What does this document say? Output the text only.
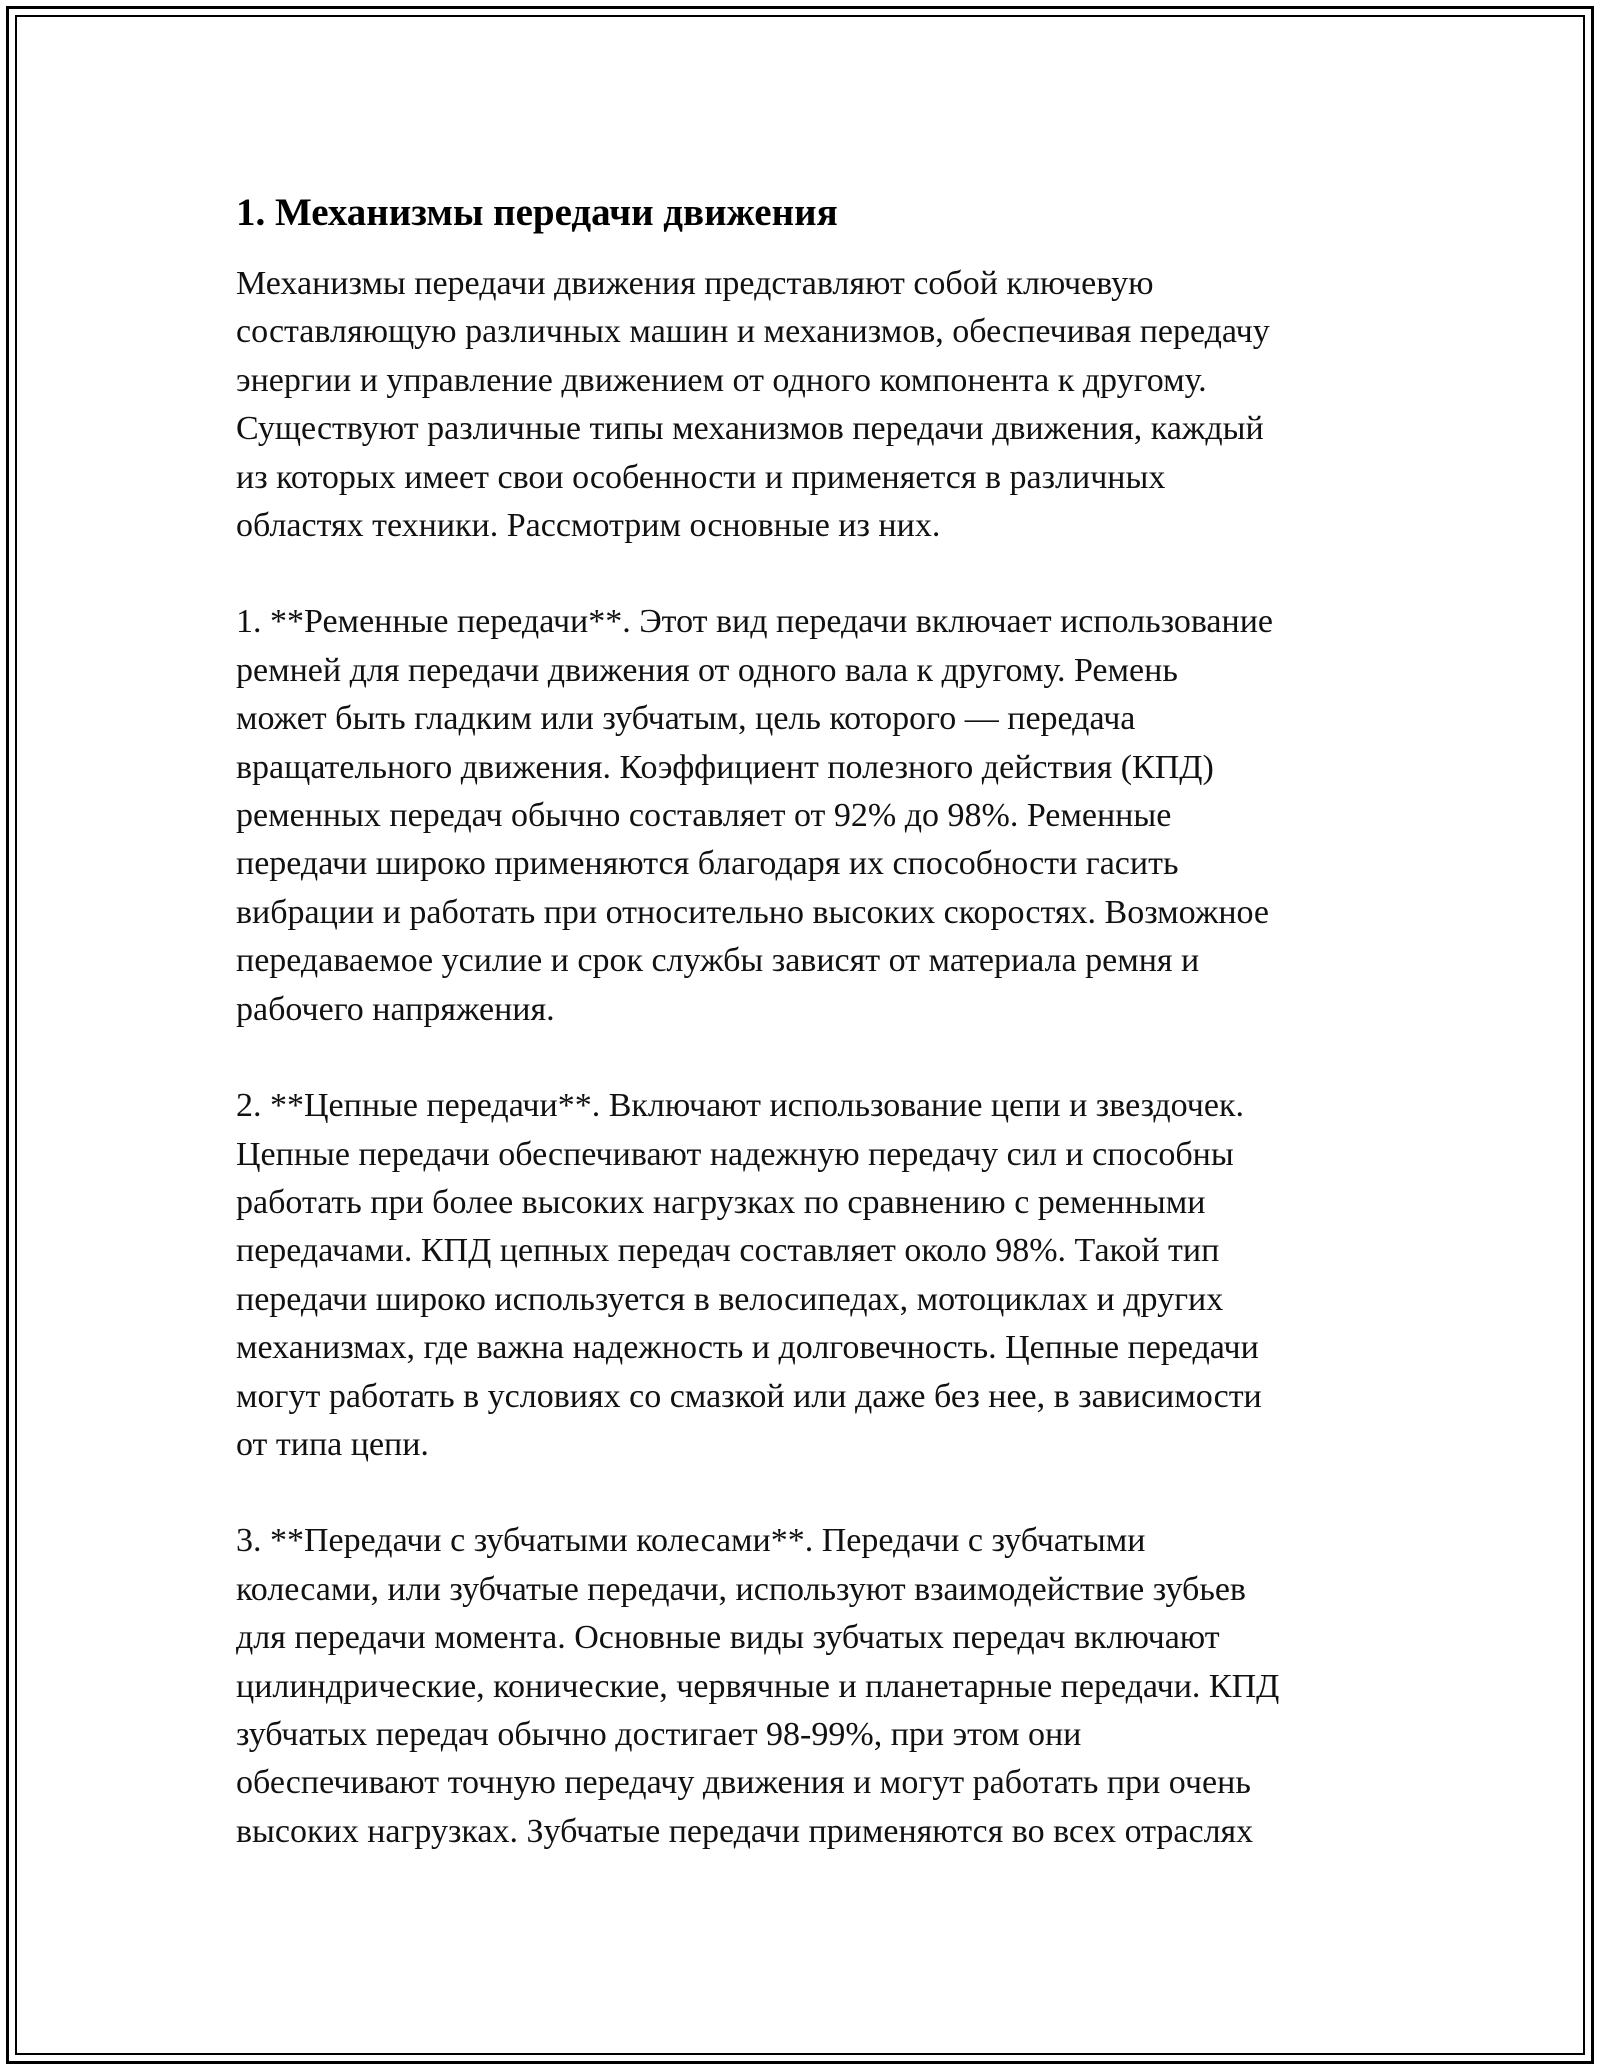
1. Механизмы передачи движения

Механизмы передачи движения представляют собой ключевую
составляющую различных машин и механизмов, обеспечивая передачу
энергии и управление движением от одного компонента к другому.
Существуют различные типы механизмов передачи движения, каждый
из которых имеет свои особенности и применяется в различных
областях техники. Рассмотрим основные из них.

1. **Ременные передачи**. Этот вид передачи включает использование
ремней для передачи движения от одного вала к другому. Ремень
может быть гладким или зубчатым, цель которого — передача
вращательного движения. Коэффициент полезного действия (КПД)
ременных передач обычно составляет от 92% до 98%. Ременные
передачи широко применяются благодаря их способности гасить
вибрации и работать при относительно высоких скоростях. Возможное
передаваемое усилие и срок службы зависят от материала ремня и
рабочего напряжения.

2. **Цепные передачи**. Включают использование цепи и звездочек.
Цепные передачи обеспечивают надежную передачу сил и способны
работать при более высоких нагрузках по сравнению с ременными
передачами. КПД цепных передач составляет около 98%. Такой тип
передачи широко используется в велосипедах, мотоциклах и других
механизмах, где важна надежность и долговечность. Цепные передачи
могут работать в условиях со смазкой или даже без нее, в зависимости
от типа цепи.

3. **Передачи с зубчатыми колесами**. Передачи с зубчатыми
колесами, или зубчатые передачи, используют взаимодействие зубьев
для передачи момента. Основные виды зубчатых передач включают
цилиндрические, конические, червячные и планетарные передачи. КПД
зубчатых передач обычно достигает 98-99%, при этом они
обеспечивают точную передачу движения и могут работать при очень
высоких нагрузках. Зубчатые передачи применяются во всех отраслях
